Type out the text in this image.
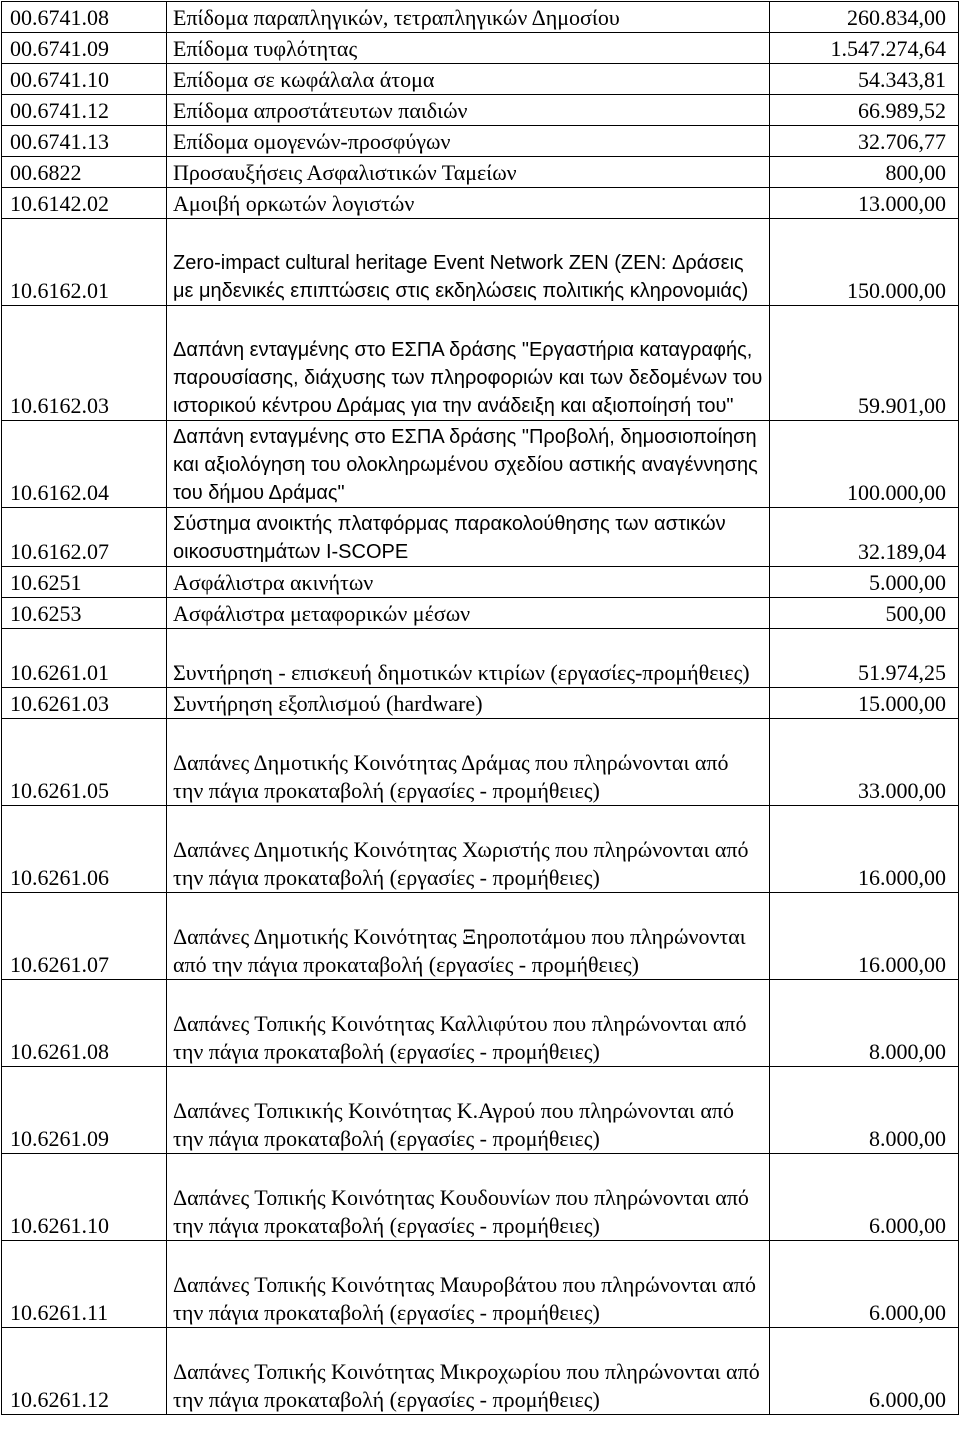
00.6741.08	Επίδομα παραπληγικών, τετραπληγικών Δημοσίου	260.834,00
00.6741.09	Επίδομα τυφλότητας	1.547.274,64
00.6741.10	Επίδομα σε κωφάλαλα άτομα	54.343,81
00.6741.12	Επίδομα απροστάτευτων παιδιών	66.989,52
00.6741.13	Επίδομα ομογενών-προσφύγων	32.706,77
00.6822	Προσαυξήσεις Ασφαλιστικών Ταμείων	800,00
10.6142.02	Αμοιβή ορκωτών λογιστών	13.000,00
10.6162.01	Zero-impact cultural heritage Event Network ZEN (ZEN: Δράσεις με μηδενικές επιπτώσεις στις εκδηλώσεις πολιτικής κληρονομιάς)	150.000,00
10.6162.03	Δαπάνη ενταγμένης στο ΕΣΠΑ δράσης "Εργαστήρια καταγραφής, παρουσίασης, διάχυσης των πληροφοριών και των δεδομένων του ιστορικού κέντρου Δράμας για την ανάδειξη και αξιοποίησή του"	59.901,00
10.6162.04	Δαπάνη ενταγμένης στο ΕΣΠΑ δράσης "Προβολή, δημοσιοποίηση και αξιολόγηση του ολοκληρωμένου σχεδίου αστικής αναγέννησης του δήμου Δράμας"	100.000,00
10.6162.07	Σύστημα ανοικτής πλατφόρμας παρακολούθησης των αστικών οικοσυστημάτων I-SCOPE	32.189,04
10.6251	Ασφάλιστρα ακινήτων	5.000,00
10.6253	Ασφάλιστρα μεταφορικών μέσων	500,00
10.6261.01	Συντήρηση - επισκευή δημοτικών κτιρίων (εργασίες-προμήθειες)	51.974,25
10.6261.03	Συντήρηση εξοπλισμού (hardware)	15.000,00
10.6261.05	Δαπάνες Δημοτικής Κοινότητας Δράμας που πληρώνονται από την πάγια προκαταβολή (εργασίες - προμήθειες)	33.000,00
10.6261.06	Δαπάνες Δημοτικής Κοινότητας Χωριστής που πληρώνονται από την πάγια προκαταβολή (εργασίες - προμήθειες)	16.000,00
10.6261.07	Δαπάνες Δημοτικής Κοινότητας Ξηροποτάμου που πληρώνονται από την πάγια προκαταβολή (εργασίες - προμήθειες)	16.000,00
10.6261.08	Δαπάνες Τοπικής Κοινότητας Καλλιφύτου που πληρώνονται από την πάγια προκαταβολή (εργασίες - προμήθειες)	8.000,00
10.6261.09	Δαπάνες Τοπικικής Κοινότητας Κ.Αγρού που πληρώνονται από την πάγια προκαταβολή (εργασίες - προμήθειες)	8.000,00
10.6261.10	Δαπάνες Τοπικής Κοινότητας Κουδουνίων που πληρώνονται από την πάγια προκαταβολή (εργασίες - προμήθειες)	6.000,00
10.6261.11	Δαπάνες Τοπικής Κοινότητας Μαυροβάτου που πληρώνονται από την πάγια προκαταβολή (εργασίες - προμήθειες)	6.000,00
10.6261.12	Δαπάνες Τοπικής Κοινότητας Μικροχωρίου που πληρώνονται από την πάγια προκαταβολή (εργασίες - προμήθειες)	6.000,00
